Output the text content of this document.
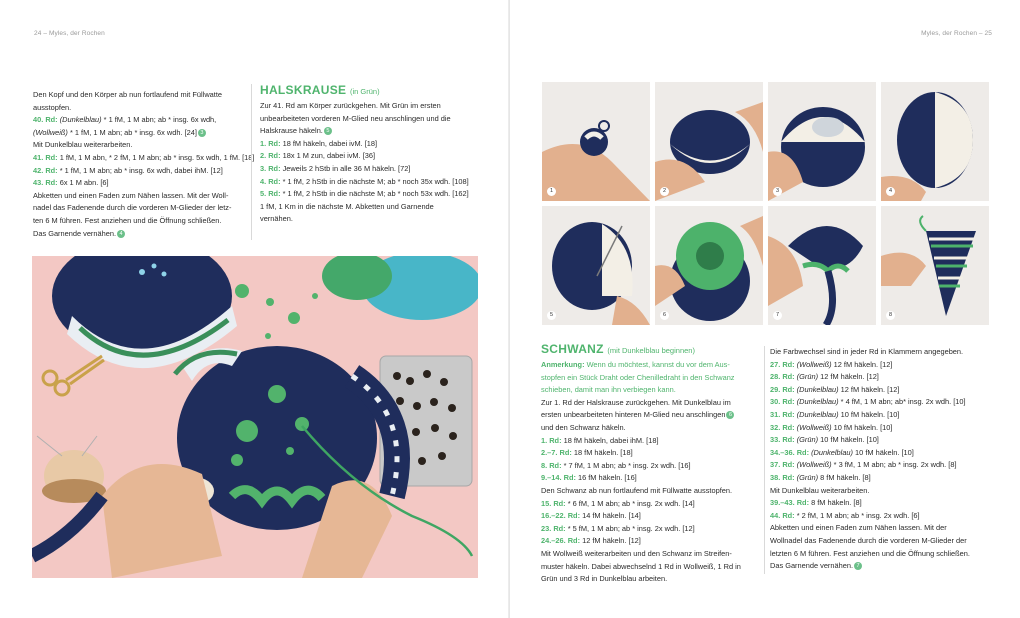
24 – Myles, der Rochen
Den Kopf und den Körper ab nun fortlaufend mit Füllwatte
ausstopfen.
40. Rd: (Dunkelblau) * 1 fM, 1 M abn; ab * insg. 6x wdh,
(Wollweiß) * 1 fM, 1 M abn; ab * insg. 6x wdh. [24] 3
Mit Dunkelblau weiterarbeiten.
41. Rd: 1 fM, 1 M abn, * 2 fM, 1 M abn; ab * insg. 5x wdh, 1 fM. [18]
42. Rd: * 1 fM, 1 M abn; ab * insg. 6x wdh, dabei ihM. [12]
43. Rd: 6x 1 M abn. [6]
Abketten und einen Faden zum Nähen lassen. Mit der Woll-
nadel das Fadenende durch die vorderen M-Glieder der letz-
ten 6 M führen. Fest anziehen und die Öffnung schließen.
Das Garnende vernähen. 4
HALSKRAUSE (in Grün)
Zur 41. Rd am Körper zurückgehen. Mit Grün im ersten
unbearbeiteten vorderen M-Glied neu anschlingen und die
Halskrause häkeln. 5
1. Rd: 18 fM häkeln, dabei ivM. [18]
2. Rd: 18x 1 M zun, dabei ivM. [36]
3. Rd: Jeweils 2 hStb in alle 36 M häkeln. [72]
4. Rd: * 1 fM, 2 hStb in die nächste M; ab * noch 35x wdh. [108]
5. Rd: * 1 fM, 2 hStb in die nächste M; ab * noch 53x wdh. [162]
1 fM, 1 Km in die nächste M. Abketten und Garnende
vernähen.
Myles, der Rochen – 25
1	2	3	4
5	6	7	8
SCHWANZ (mit Dunkelblau beginnen)
Anmerkung: Wenn du möchtest, kannst du vor dem Aus-
stopfen ein Stück Draht oder Chenilledraht in den Schwanz
schieben, damit man ihn verbiegen kann.
Zur 1. Rd der Halskrause zurückgehen. Mit Dunkelblau im
ersten unbearbeiteten hinteren M-Glied neu anschlingen 6
und den Schwanz häkeln.
1. Rd: 18 fM häkeln, dabei ihM. [18]
2.–7. Rd: 18 fM häkeln. [18]
8. Rd: * 7 fM, 1 M abn; ab * insg. 2x wdh. [16]
9.–14. Rd: 16 fM häkeln. [16]
Den Schwanz ab nun fortlaufend mit Füllwatte ausstopfen.
15. Rd: * 6 fM, 1 M abn; ab * insg. 2x wdh. [14]
16.–22. Rd: 14 fM häkeln. [14]
23. Rd: * 5 fM, 1 M abn; ab * insg. 2x wdh. [12]
24.–26. Rd: 12 fM häkeln. [12]
Mit Wollweiß weiterarbeiten und den Schwanz im Streifen-
muster häkeln. Dabei abwechselnd 1 Rd in Wollweiß, 1 Rd in
Grün und 3 Rd in Dunkelblau arbeiten.
Die Farbwechsel sind in jeder Rd in Klammern angegeben.
27. Rd: (Wollweiß) 12 fM häkeln. [12]
28. Rd: (Grün) 12 fM häkeln. [12]
29. Rd: (Dunkelblau) 12 fM häkeln. [12]
30. Rd: (Dunkelblau) * 4 fM, 1 M abn; ab* insg. 2x wdh. [10]
31. Rd: (Dunkelblau) 10 fM häkeln. [10]
32. Rd: (Wollweiß) 10 fM häkeln. [10]
33. Rd: (Grün) 10 fM häkeln. [10]
34.–36. Rd: (Dunkelblau) 10 fM häkeln. [10]
37. Rd: (Wollweiß) * 3 fM, 1 M abn; ab * insg. 2x wdh. [8]
38. Rd: (Grün) 8 fM häkeln. [8]
Mit Dunkelblau weiterarbeiten.
39.–43. Rd: 8 fM häkeln. [8]
44. Rd: * 2 fM, 1 M abn; ab * insg. 2x wdh. [6]
Abketten und einen Faden zum Nähen lassen. Mit der
Wollnadel das Fadenende durch die vorderen M-Glieder der
letzten 6 M führen. Fest anziehen und die Öffnung schließen.
Das Garnende vernähen. 7
